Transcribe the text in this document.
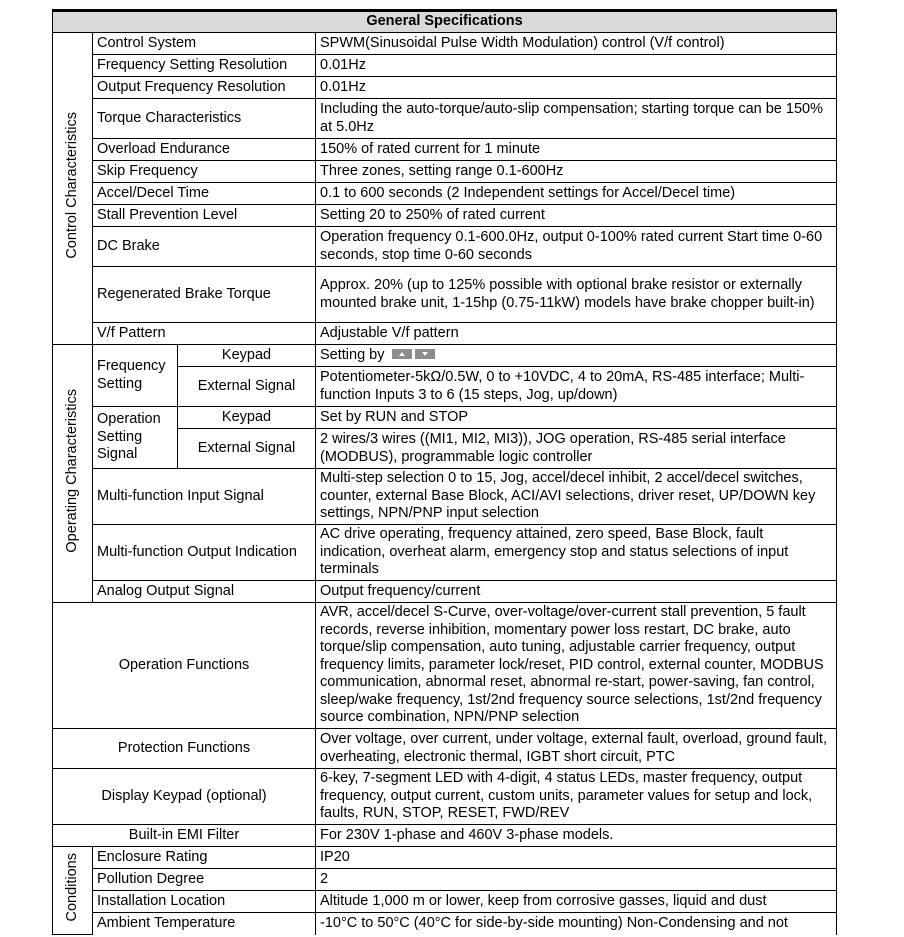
General Specifications			
Control Characteristics	Control System		SPWM(Sinusoidal Pulse Width Modulation) control (V/f control)
	Frequency Setting Resolution		0.01Hz
	Output Frequency Resolution		0.01Hz
	Torque Characteristics		Including the auto-torque/auto-slip compensation; starting torque can be 150% at 5.0Hz
	Overload Endurance		150% of rated current for 1 minute
	Skip Frequency		Three zones, setting range 0.1-600Hz
	Accel/Decel Time		0.1 to 600 seconds (2 Independent settings for Accel/Decel time)
	Stall Prevention Level		Setting 20 to 250% of rated current
	DC Brake		Operation frequency 0.1-600.0Hz, output 0-100% rated current Start time 0-60 seconds, stop time 0-60 seconds
	Regenerated Brake Torque		Approx. 20% (up to 125% possible with optional brake resistor or externally mounted brake unit, 1-15hp (0.75-11kW) models have brake chopper built-in)
	V/f Pattern		Adjustable V/f pattern
Operating Characteristics	Frequency Setting	Keypad	Setting by

		External Signal	Potentiometer-5kΩ/0.5W, 0 to +10VDC, 4 to 20mA, RS-485 interface; Multi-function Inputs 3 to 6 (15 steps, Jog, up/down)
	Operation Setting Signal	Keypad	Set by RUN and STOP
		External Signal	2 wires/3 wires ((MI1, MI2, MI3)), JOG operation, RS-485 serial interface (MODBUS), programmable logic controller
	Multi-function Input Signal		Multi-step selection 0 to 15, Jog, accel/decel inhibit, 2 accel/decel switches, counter, external Base Block, ACI/AVI selections, driver reset, UP/DOWN key settings, NPN/PNP input selection
	Multi-function Output Indication		AC drive operating, frequency attained, zero speed, Base Block, fault indication, overheat alarm, emergency stop and status selections of input terminals
	Analog Output Signal		Output frequency/current
Operation Functions			AVR, accel/decel S-Curve, over-voltage/over-current stall prevention, 5 fault records, reverse inhibition, momentary power loss restart, DC brake, auto torque/slip compensation, auto tuning, adjustable carrier frequency, output frequency limits, parameter lock/reset, PID control, external counter, MODBUS communication, abnormal reset, abnormal re-start, power-saving, fan control, sleep/wake frequency, 1st/2nd frequency source selections, 1st/2nd frequency source combination, NPN/PNP selection
Protection Functions			Over voltage, over current, under voltage, external fault, overload, ground fault, overheating, electronic thermal, IGBT short circuit, PTC
Display Keypad (optional)			6-key, 7-segment LED with 4-digit, 4 status LEDs, master frequency, output frequency, output current, custom units, parameter values for setup and lock, faults, RUN, STOP, RESET, FWD/REV
Built-in EMI Filter			For 230V 1-phase and 460V 3-phase models.
Conditions	Enclosure Rating		IP20
	Pollution Degree		2
	Installation Location		Altitude 1,000 m or lower, keep from corrosive gasses, liquid and dust
	Ambient Temperature		-10°C to 50°C (40°C for side-by-side mounting) Non-Condensing and not
